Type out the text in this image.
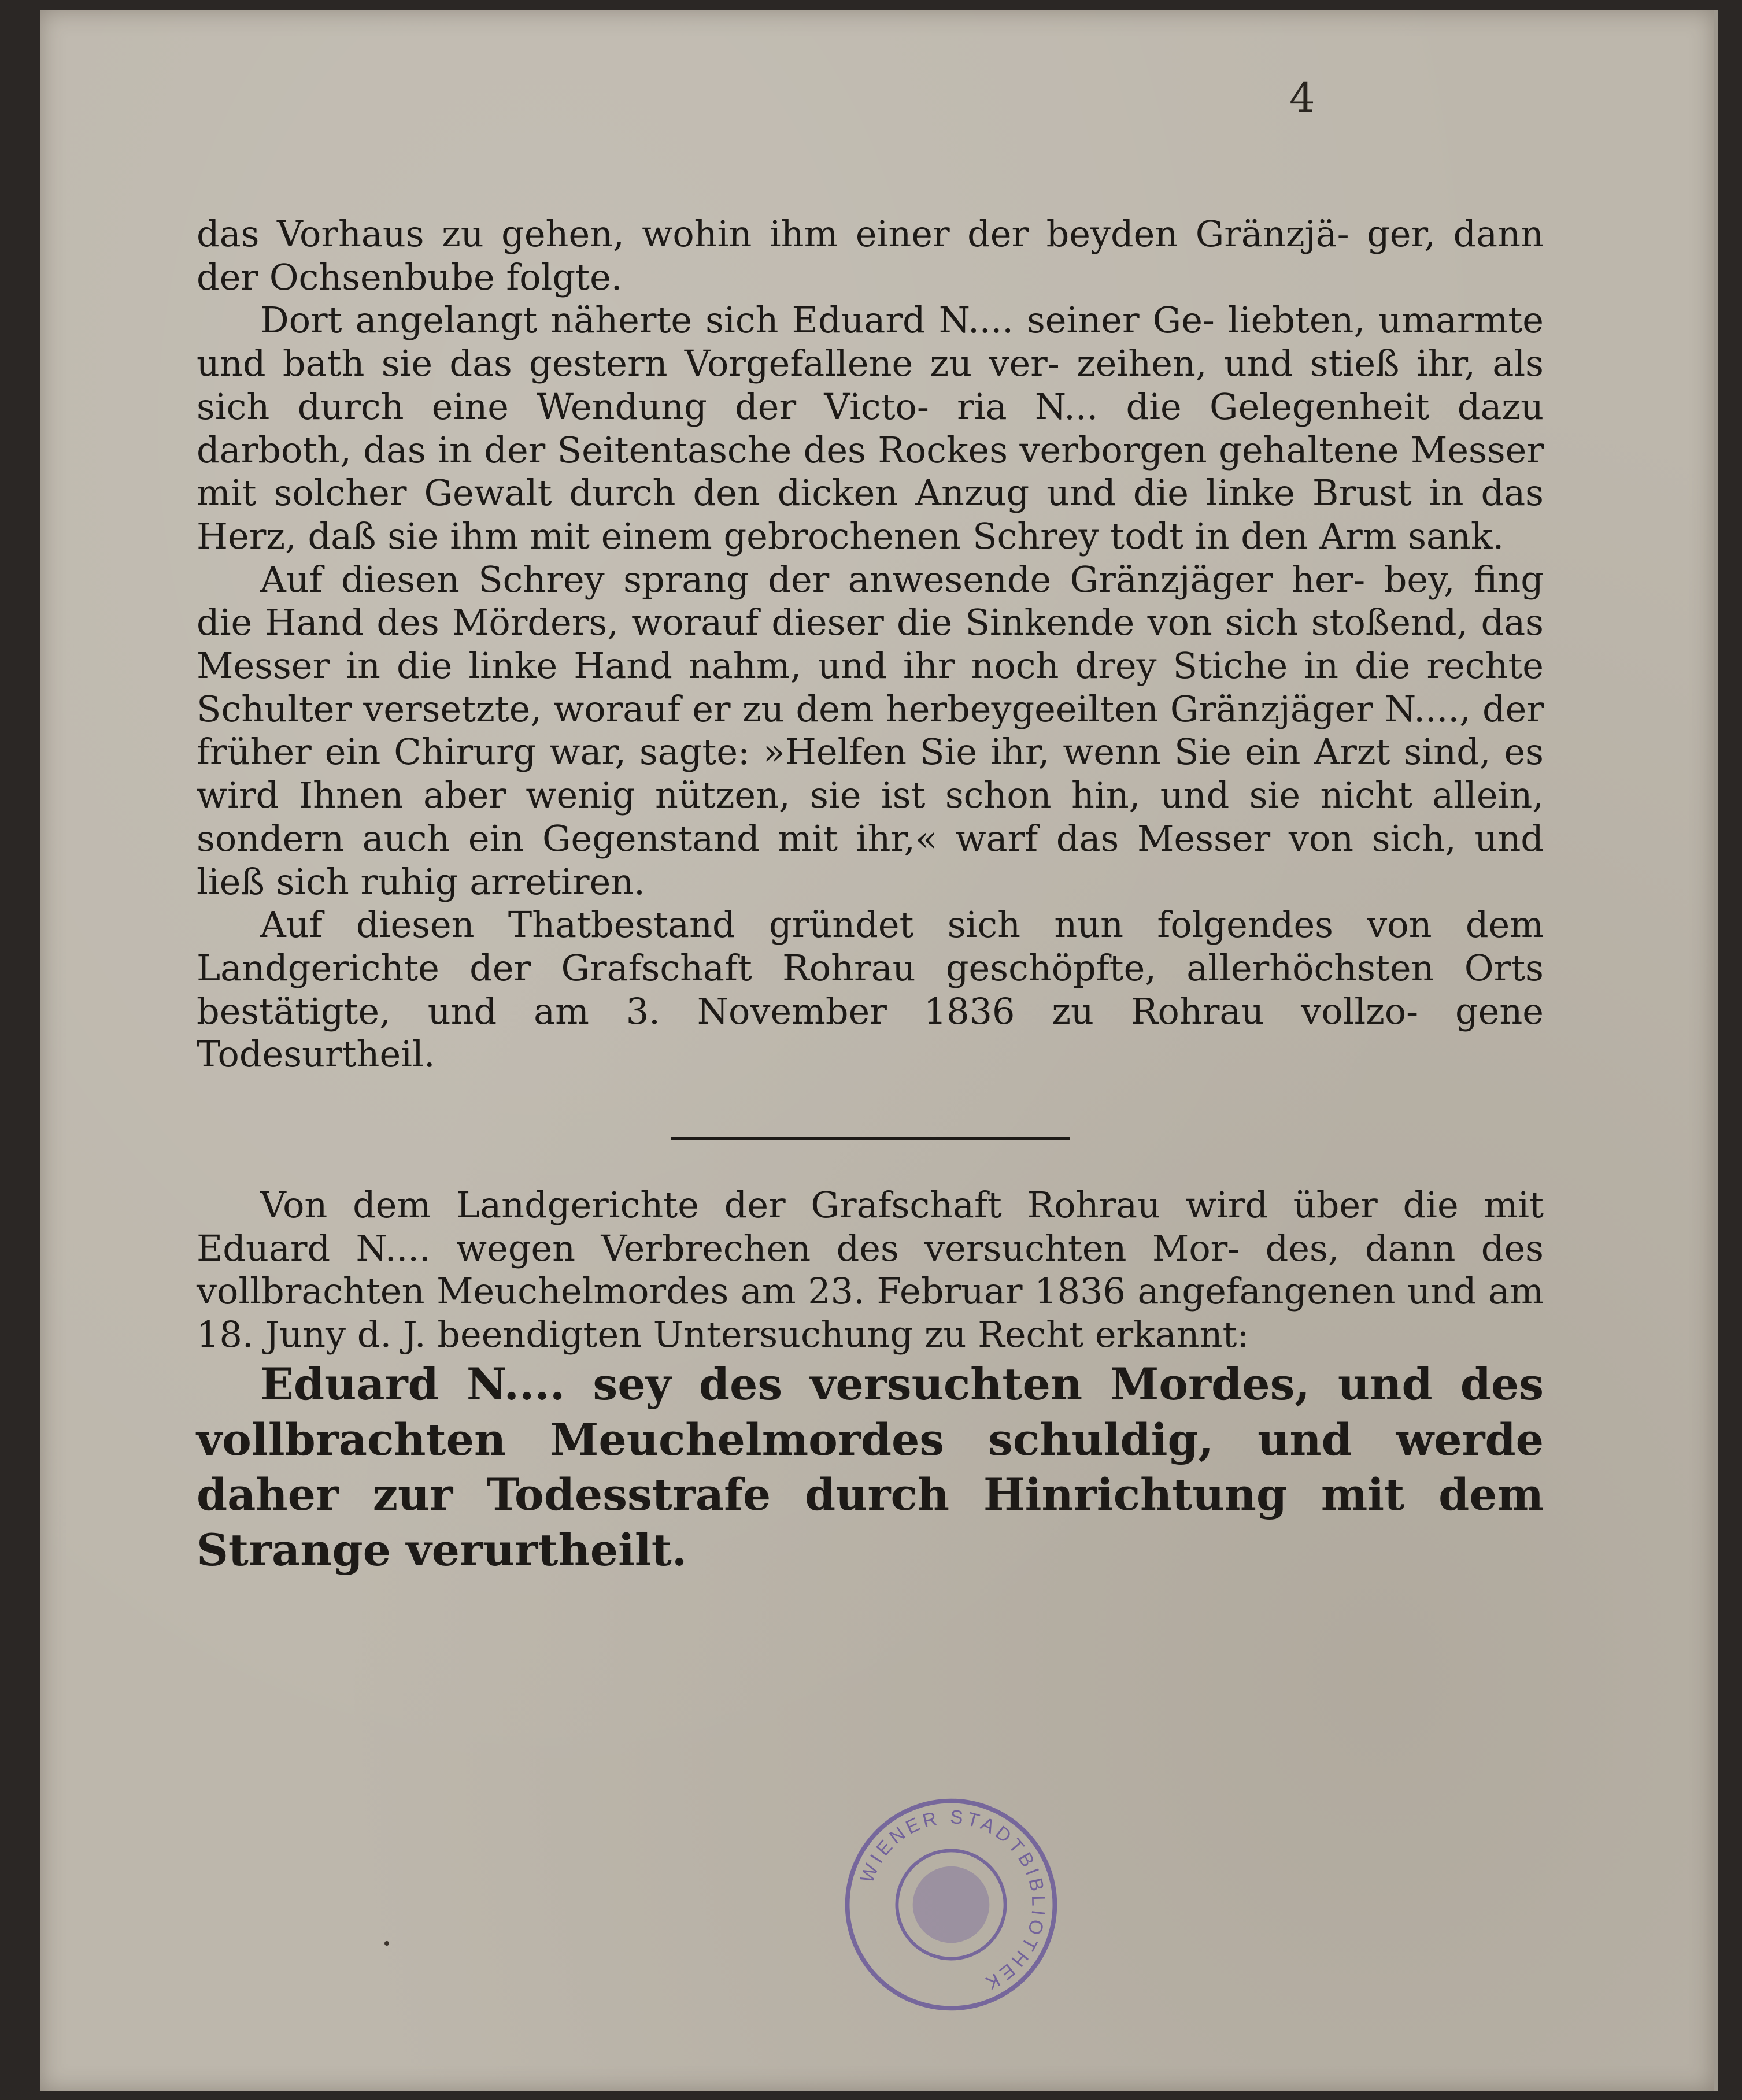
4

das Vorhaus zu gehen, wohin ihm einer der beyden Gränzjä- ger, dann der Ochsenbube folgte.

Dort angelangt näherte sich Eduard N.... seiner Ge- liebten, umarmte und bath sie das gestern Vorgefallene zu ver- zeihen, und stieß ihr, als sich durch eine Wendung der Victo- ria N... die Gelegenheit dazu darboth, das in der Seitentasche des Rockes verborgen gehaltene Messer mit solcher Gewalt durch den dicken Anzug und die linke Brust in das Herz, daß sie ihm mit einem gebrochenen Schrey todt in den Arm sank.

Auf diesen Schrey sprang der anwesende Gränzjäger her- bey, fing die Hand des Mörders, worauf dieser die Sinkende von sich stoßend, das Messer in die linke Hand nahm, und ihr noch drey Stiche in die rechte Schulter versetzte, worauf er zu dem herbeygeeilten Gränzjäger N...., der früher ein Chirurg war, sagte: »Helfen Sie ihr, wenn Sie ein Arzt sind, es wird Ihnen aber wenig nützen, sie ist schon hin, und sie nicht allein, sondern auch ein Gegenstand mit ihr,« warf das Messer von sich, und ließ sich ruhig arretiren.

Auf diesen Thatbestand gründet sich nun folgendes von dem Landgerichte der Grafschaft Rohrau geschöpfte, allerhöchsten Orts bestätigte, und am 3. November 1836 zu Rohrau vollzo- gene Todesurtheil.

Von dem Landgerichte der Grafschaft Rohrau wird über die mit Eduard N.... wegen Verbrechen des versuchten Mor- des, dann des vollbrachten Meuchelmordes am 23. Februar 1836 angefangenen und am 18. Juny d. J. beendigten Untersuchung zu Recht erkannt:

Eduard N.... sey des versuchten Mordes, und des vollbrachten Meuchelmordes schuldig, und werde daher zur Todesstrafe durch Hinrichtung mit dem Strange verurtheilt.

WIENER STADTBIBLIOTHEK
